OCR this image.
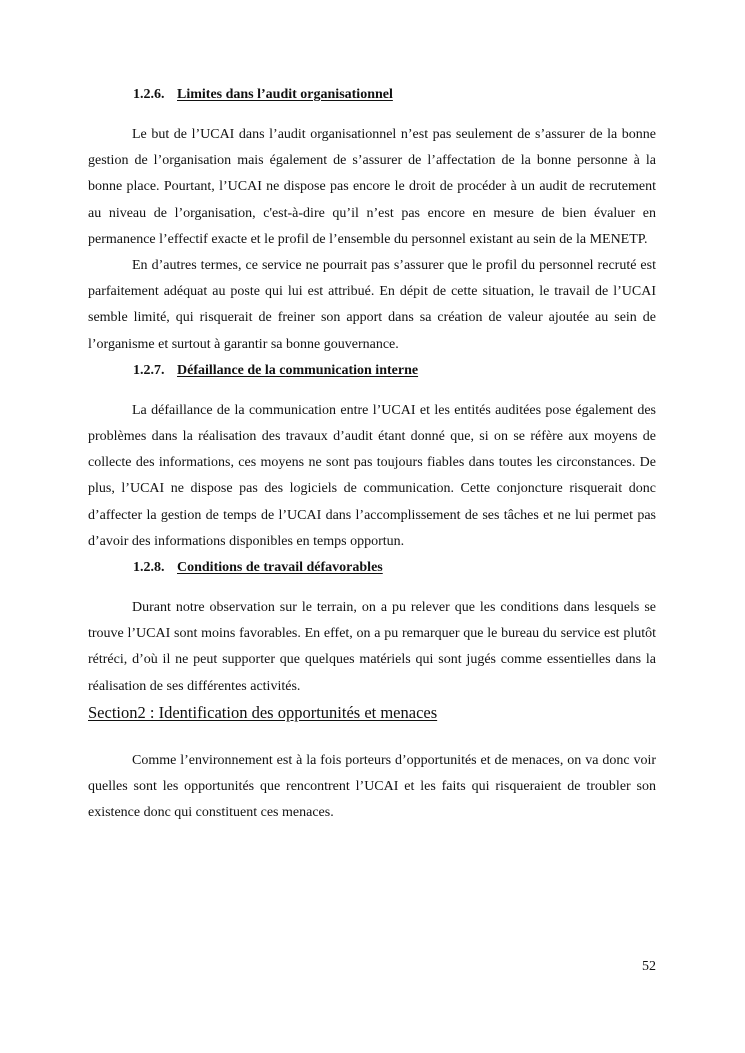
1.2.6. Limites dans l’audit organisationnel

Le but de l’UCAI dans l’audit organisationnel n’est pas seulement de s’assurer de la bonne gestion de l’organisation mais également de s’assurer de l’affectation de la bonne personne à la bonne place. Pourtant, l’UCAI ne dispose pas encore le droit de procéder à un audit de recrutement au niveau de l’organisation, c'est-à-dire qu’il n’est pas encore en mesure de bien évaluer en permanence l’effectif exacte et le profil de l’ensemble du personnel existant au sein de la MENETP.

En d’autres termes, ce service ne pourrait pas s’assurer que le profil du personnel recruté est parfaitement adéquat au poste qui lui est attribué. En dépit de cette situation, le travail de l’UCAI semble limité, qui risquerait de freiner son apport dans sa création de valeur ajoutée au sein de l’organisme et surtout à garantir sa bonne gouvernance.

1.2.7. Défaillance de la communication interne

La défaillance de la communication entre l’UCAI et les entités auditées pose également des problèmes dans la réalisation des travaux d’audit étant donné que, si on se réfère aux moyens de collecte des informations, ces moyens ne sont pas toujours fiables dans toutes les circonstances. De plus, l’UCAI ne dispose pas des logiciels de communication. Cette conjoncture risquerait donc d’affecter la gestion de temps de l’UCAI dans l’accomplissement de ses tâches et ne lui permet pas d’avoir des informations disponibles en temps opportun.

1.2.8. Conditions de travail défavorables

Durant notre observation sur le terrain, on a pu relever que les conditions dans lesquels se trouve l’UCAI sont moins favorables. En effet, on a pu remarquer que le bureau du service est plutôt rétréci, d’où il ne peut supporter que quelques matériels qui sont jugés comme essentielles dans la réalisation de ses différentes activités.

Section2 : Identification des opportunités et menaces

Comme l’environnement est à la fois porteurs d’opportunités et de menaces, on va donc voir quelles sont les opportunités que rencontrent l’UCAI et les faits qui risqueraient de troubler son existence donc qui constituent ces menaces.

52
